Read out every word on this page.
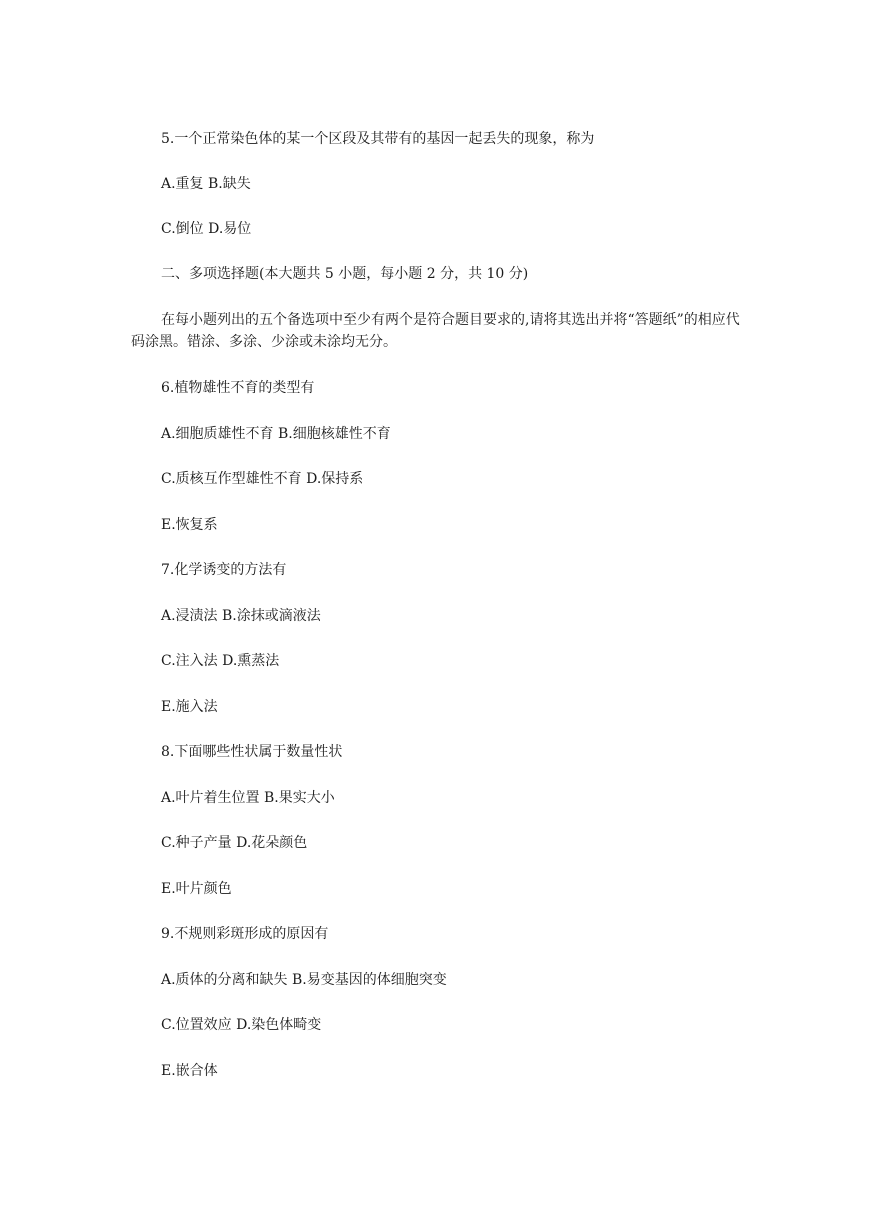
5.一个正常染色体的某一个区段及其带有的基因一起丢失的现象，称为

A.重复 B.缺失

C.倒位 D.易位

二、多项选择题(本大题共 5 小题，每小题 2 分，共 10 分)

在每小题列出的五个备选项中至少有两个是符合题目要求的,请将其选出并将“答题纸”的相应代码涂黑。错涂、多涂、少涂或未涂均无分。

6.植物雄性不育的类型有

A.细胞质雄性不育 B.细胞核雄性不育

C.质核互作型雄性不育 D.保持系

E.恢复系

7.化学诱变的方法有

A.浸渍法 B.涂抹或滴液法

C.注入法 D.熏蒸法

E.施入法

8.下面哪些性状属于数量性状

A.叶片着生位置 B.果实大小

C.种子产量 D.花朵颜色

E.叶片颜色

9.不规则彩斑形成的原因有

A.质体的分离和缺失 B.易变基因的体细胞突变

C.位置效应 D.染色体畸变

E.嵌合体
